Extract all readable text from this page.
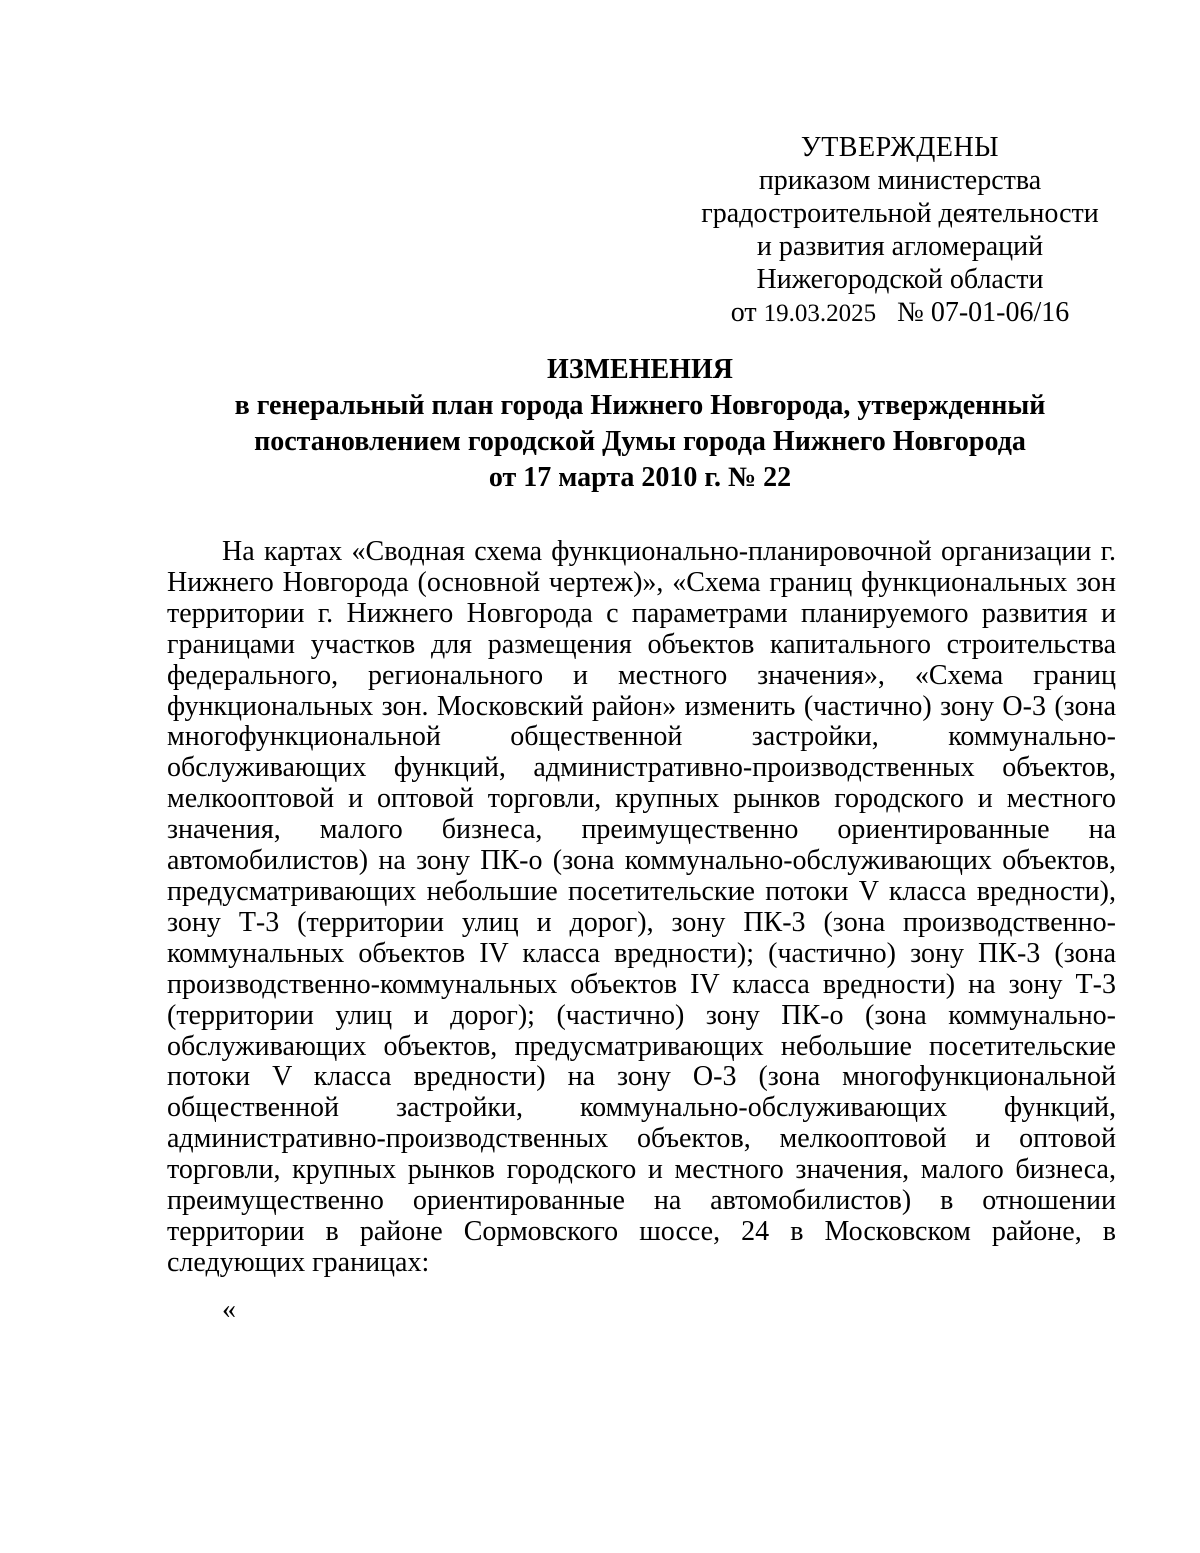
УТВЕРЖДЕНЫ
приказом министерства
градостроительной деятельности
и развития агломераций
Нижегородской области
от 19.03.2025 № 07-01-06/16
ИЗМЕНЕНИЯ
в генеральный план города Нижнего Новгорода, утвержденный
постановлением городской Думы города Нижнего Новгорода
от 17 марта 2010 г. № 22

На картах «Сводная схема функционально-планировочной организации г. Нижнего Новгорода (основной чертеж)», «Схема границ функциональных зон территории г. Нижнего Новгорода с параметрами планируемого развития и границами участков для размещения объектов капитального строительства федерального, регионального и местного значения», «Схема границ функциональных зон. Московский район» изменить (частично) зону О-3 (зона многофункциональной общественной застройки, коммунально-обслуживающих функций, административно-производственных объектов, мелкооптовой и оптовой торговли, крупных рынков городского и местного значения, малого бизнеса, преимущественно ориентированные на автомобилистов) на зону ПК-о (зона коммунально-обслуживающих объектов, предусматривающих небольшие посетительские потоки V класса вредности), зону Т-3 (территории улиц и дорог), зону ПК-3 (зона производственно-коммунальных объектов IV класса вредности); (частично) зону ПК-3 (зона производственно-коммунальных объектов IV класса вредности) на зону Т-3 (территории улиц и дорог); (частично) зону ПК-о (зона коммунально-обслуживающих объектов, предусматривающих небольшие посетительские потоки V класса вредности) на зону О-3 (зона многофункциональной общественной застройки, коммунально-обслуживающих функций, административно-производственных объектов, мелкооптовой и оптовой торговли, крупных рынков городского и местного значения, малого бизнеса, преимущественно ориентированные на автомобилистов) в отношении территории в районе Сормовского шоссе, 24 в Московском районе, в следующих границах:

«
